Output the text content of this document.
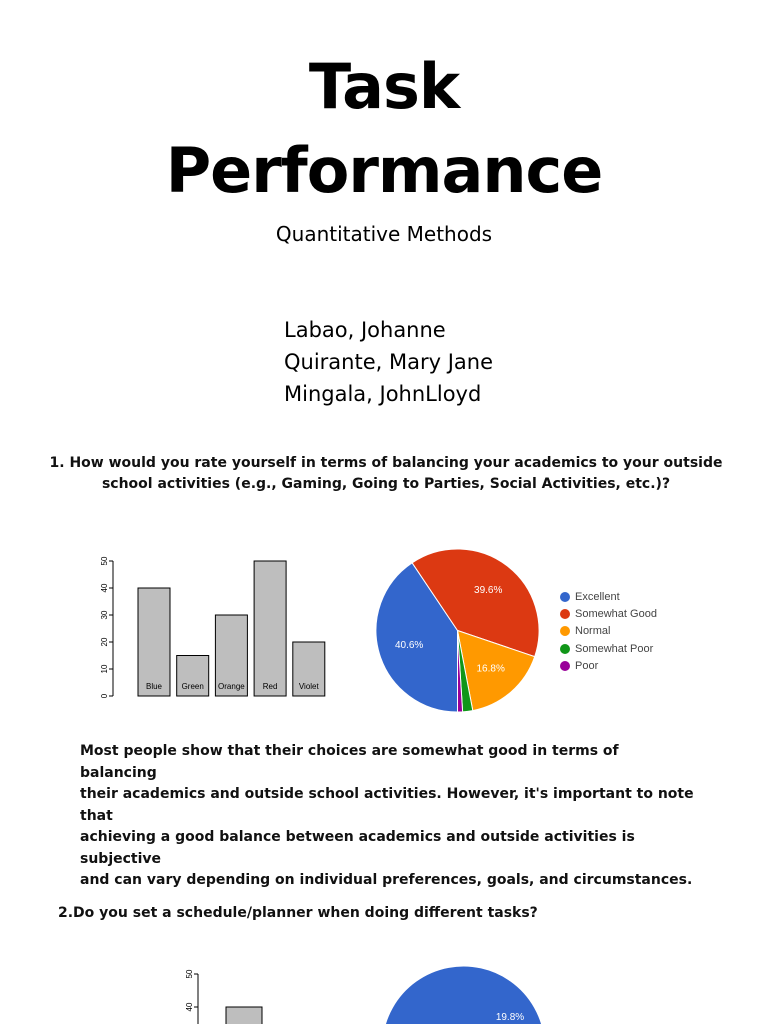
Task
Performance
Quantitative Methods
Labao, Johanne
Quirante, Mary Jane
Mingala, JohnLloyd
1. How would you rate yourself in terms of balancing your academics to your outside
school activities (e.g., Gaming, Going to Parties, Social Activities, etc.)?
0
10
20
30
40
50
Blue Green Orange Red	Violet
40.6%
39.6%
16.8%
Excellent
Somewhat Good
Normal
Somewhat Poor
Poor
Most people show that their choices are somewhat good in terms of balancing
their academics and outside school activities. However, it's important to note that
achieving a good balance between academics and outside activities is subjective
and can vary depending on individual preferences, goals, and circumstances.
2.Do you set a schedule/planner when doing different tasks?
40
50
19.8%
